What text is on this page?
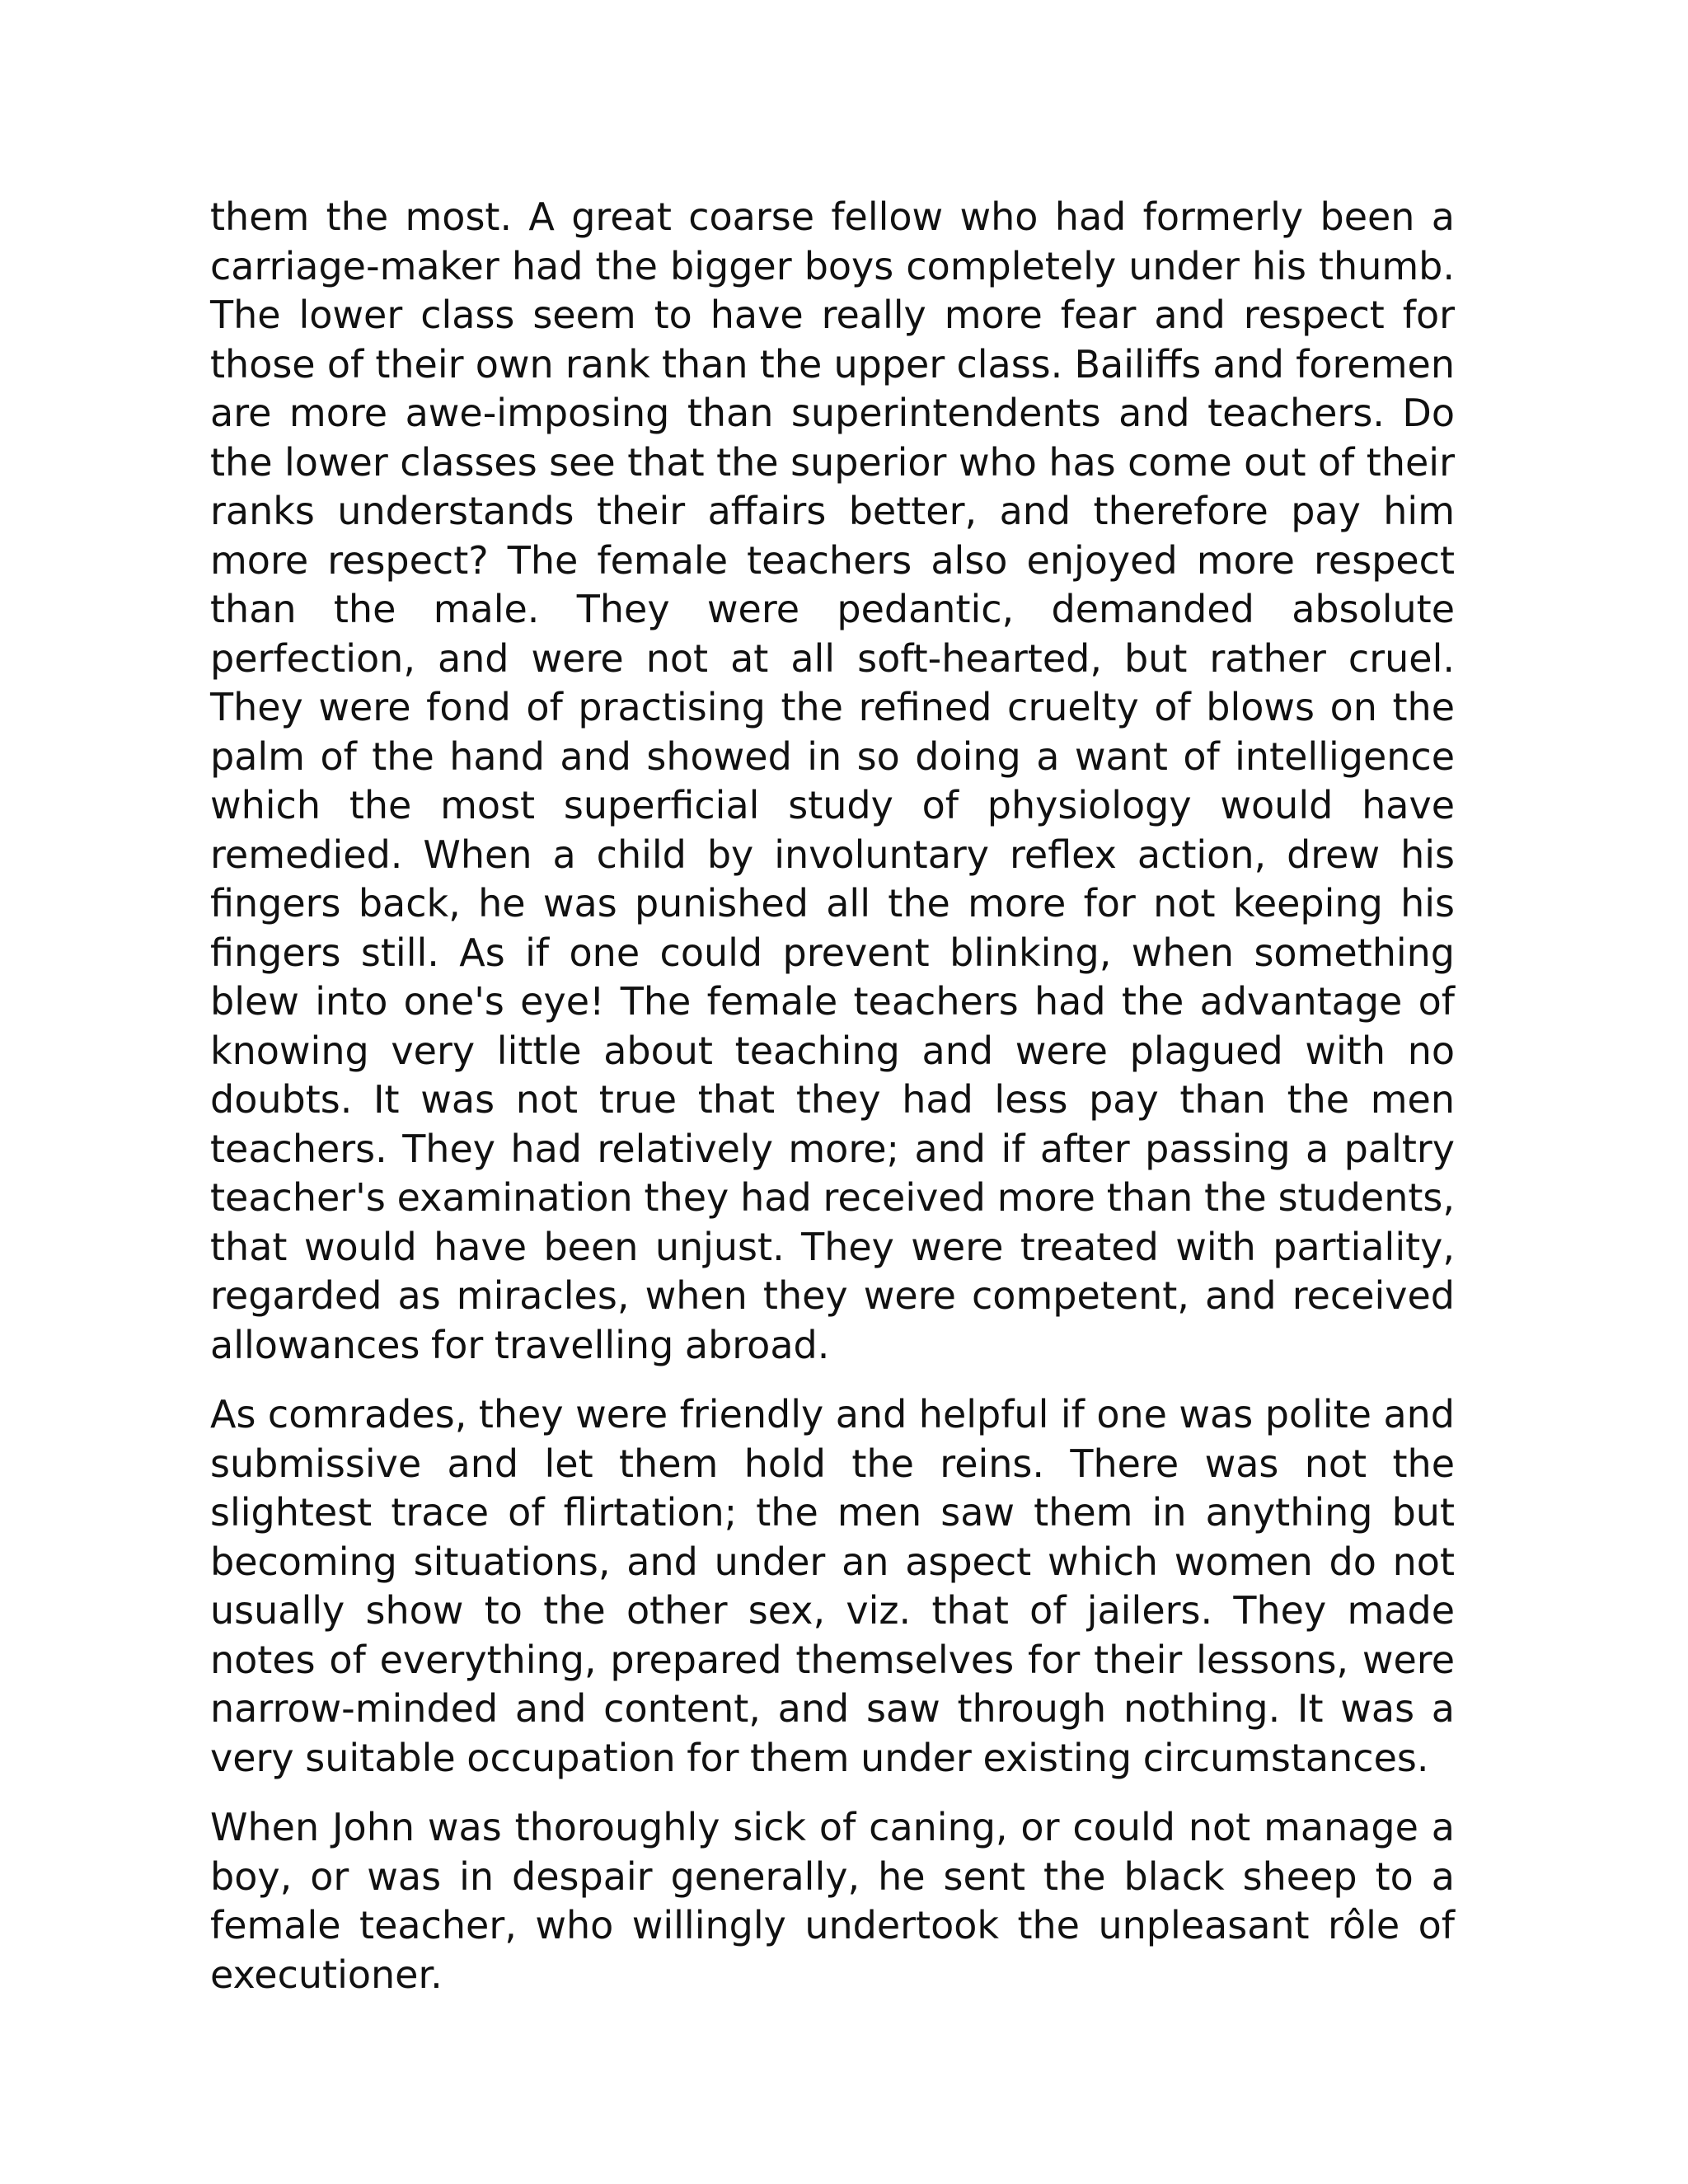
them the most. A great coarse fellow who had formerly been a carriage-maker had the bigger boys completely under his thumb. The lower class seem to have really more fear and respect for those of their own rank than the upper class. Bailiffs and foremen are more awe-imposing than superintendents and teachers. Do the lower classes see that the superior who has come out of their ranks understands their affairs better, and therefore pay him more respect? The female teachers also enjoyed more respect than the male. They were pedantic, demanded absolute perfection, and were not at all soft-hearted, but rather cruel. They were fond of practising the refined cruelty of blows on the palm of the hand and showed in so doing a want of intelligence which the most superficial study of physiology would have remedied. When a child by involuntary reflex action, drew his fingers back, he was punished all the more for not keeping his fingers still. As if one could prevent blinking, when something blew into one's eye! The female teachers had the advantage of knowing very little about teaching and were plagued with no doubts. It was not true that they had less pay than the men teachers. They had relatively more; and if after passing a paltry teacher's examination they had received more than the students, that would have been unjust. They were treated with partiality, regarded as miracles, when they were competent, and received allowances for travelling abroad.

As comrades, they were friendly and helpful if one was polite and submissive and let them hold the reins. There was not the slightest trace of flirtation; the men saw them in anything but becoming situations, and under an aspect which women do not usually show to the other sex, viz. that of jailers. They made notes of everything, prepared themselves for their lessons, were narrow-minded and content, and saw through nothing. It was a very suitable occupation for them under existing circumstances.

When John was thoroughly sick of caning, or could not manage a boy, or was in despair generally, he sent the black sheep to a female teacher, who willingly undertook the unpleasant rôle of executioner.
